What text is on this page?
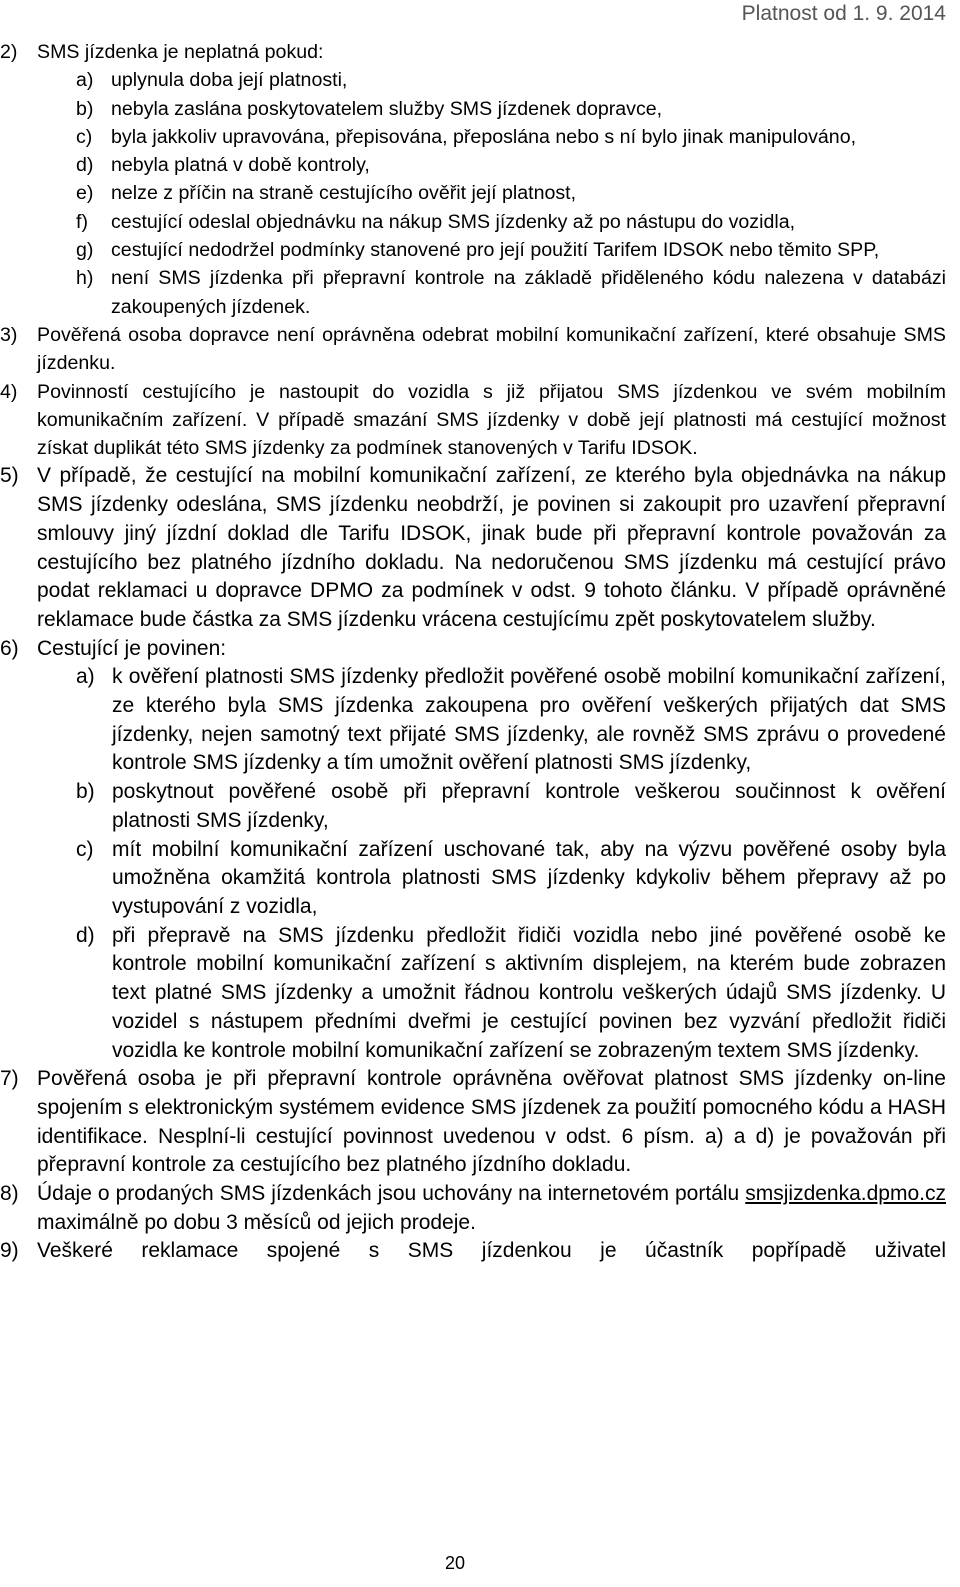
Platnost od 1. 9. 2014
2) SMS jízdenka je neplatná pokud:
a) uplynula doba její platnosti,
b) nebyla zaslána poskytovatelem služby SMS jízdenek dopravce,
c) byla jakkoliv upravována, přepisována, přeposlána nebo s ní bylo jinak manipulováno,
d) nebyla platná v době kontroly,
e) nelze z příčin na straně cestujícího ověřit její platnost,
f) cestující odeslal objednávku na nákup SMS jízdenky až po nástupu do vozidla,
g) cestující nedodržel podmínky stanovené pro její použití Tarifem IDSOK nebo těmito SPP,
h) není SMS jízdenka při přepravní kontrole na základě přiděleného kódu nalezena v databázi zakoupených jízdenek.
3) Pověřená osoba dopravce není oprávněna odebrat mobilní komunikační zařízení, které obsahuje SMS jízdenku.
4) Povinností cestujícího je nastoupit do vozidla s již přijatou SMS jízdenkou ve svém mobilním komunikačním zařízení. V případě smazání SMS jízdenky v době její platnosti má cestující možnost získat duplikát této SMS jízdenky za podmínek stanovených v Tarifu IDSOK.
5) V případě, že cestující na mobilní komunikační zařízení, ze kterého byla objednávka na nákup SMS jízdenky odeslána, SMS jízdenku neobdrží, je povinen si zakoupit pro uzavření přepravní smlouvy jiný jízdní doklad dle Tarifu IDSOK, jinak bude při přepravní kontrole považován za cestujícího bez platného jízdního dokladu. Na nedoručenou SMS jízdenku má cestující právo podat reklamaci u dopravce DPMO za podmínek v odst. 9 tohoto článku. V případě oprávněné reklamace bude částka za SMS jízdenku vrácena cestujícímu zpět poskytovatelem služby.
6) Cestující je povinen:
a) k ověření platnosti SMS jízdenky předložit pověřené osobě mobilní komunikační zařízení, ze kterého byla SMS jízdenka zakoupena pro ověření veškerých přijatých dat SMS jízdenky, nejen samotný text přijaté SMS jízdenky, ale rovněž SMS zprávu o provedené kontrole SMS jízdenky a tím umožnit ověření platnosti SMS jízdenky,
b) poskytnout pověřené osobě při přepravní kontrole veškerou součinnost k ověření platnosti SMS jízdenky,
c) mít mobilní komunikační zařízení uschované tak, aby na výzvu pověřené osoby byla umožněna okamžitá kontrola platnosti SMS jízdenky kdykoliv během přepravy až po vystupování z vozidla,
d) při přepravě na SMS jízdenku předložit řidiči vozidla nebo jiné pověřené osobě ke kontrole mobilní komunikační zařízení s aktivním displejem, na kterém bude zobrazen text platné SMS jízdenky a umožnit řádnou kontrolu veškerých údajů SMS jízdenky. U vozidel s nástupem předními dveřmi je cestující povinen bez vyzvání předložit řidiči vozidla ke kontrole mobilní komunikační zařízení se zobrazeným textem SMS jízdenky.
7) Pověřená osoba je při přepravní kontrole oprávněna ověřovat platnost SMS jízdenky on-line spojením s elektronickým systémem evidence SMS jízdenek za použití pomocného kódu a HASH identifikace. Nesplní-li cestující povinnost uvedenou v odst. 6 písm. a) a d) je považován při přepravní kontrole za cestujícího bez platného jízdního dokladu.
8) Údaje o prodaných SMS jízdenkách jsou uchovány na internetovém portálu smsjizdenka.dpmo.cz maximálně po dobu 3 měsíců od jejich prodeje.
9) Veškeré reklamace spojené s SMS jízdenkou je účastník popřípadě uživatel
20
